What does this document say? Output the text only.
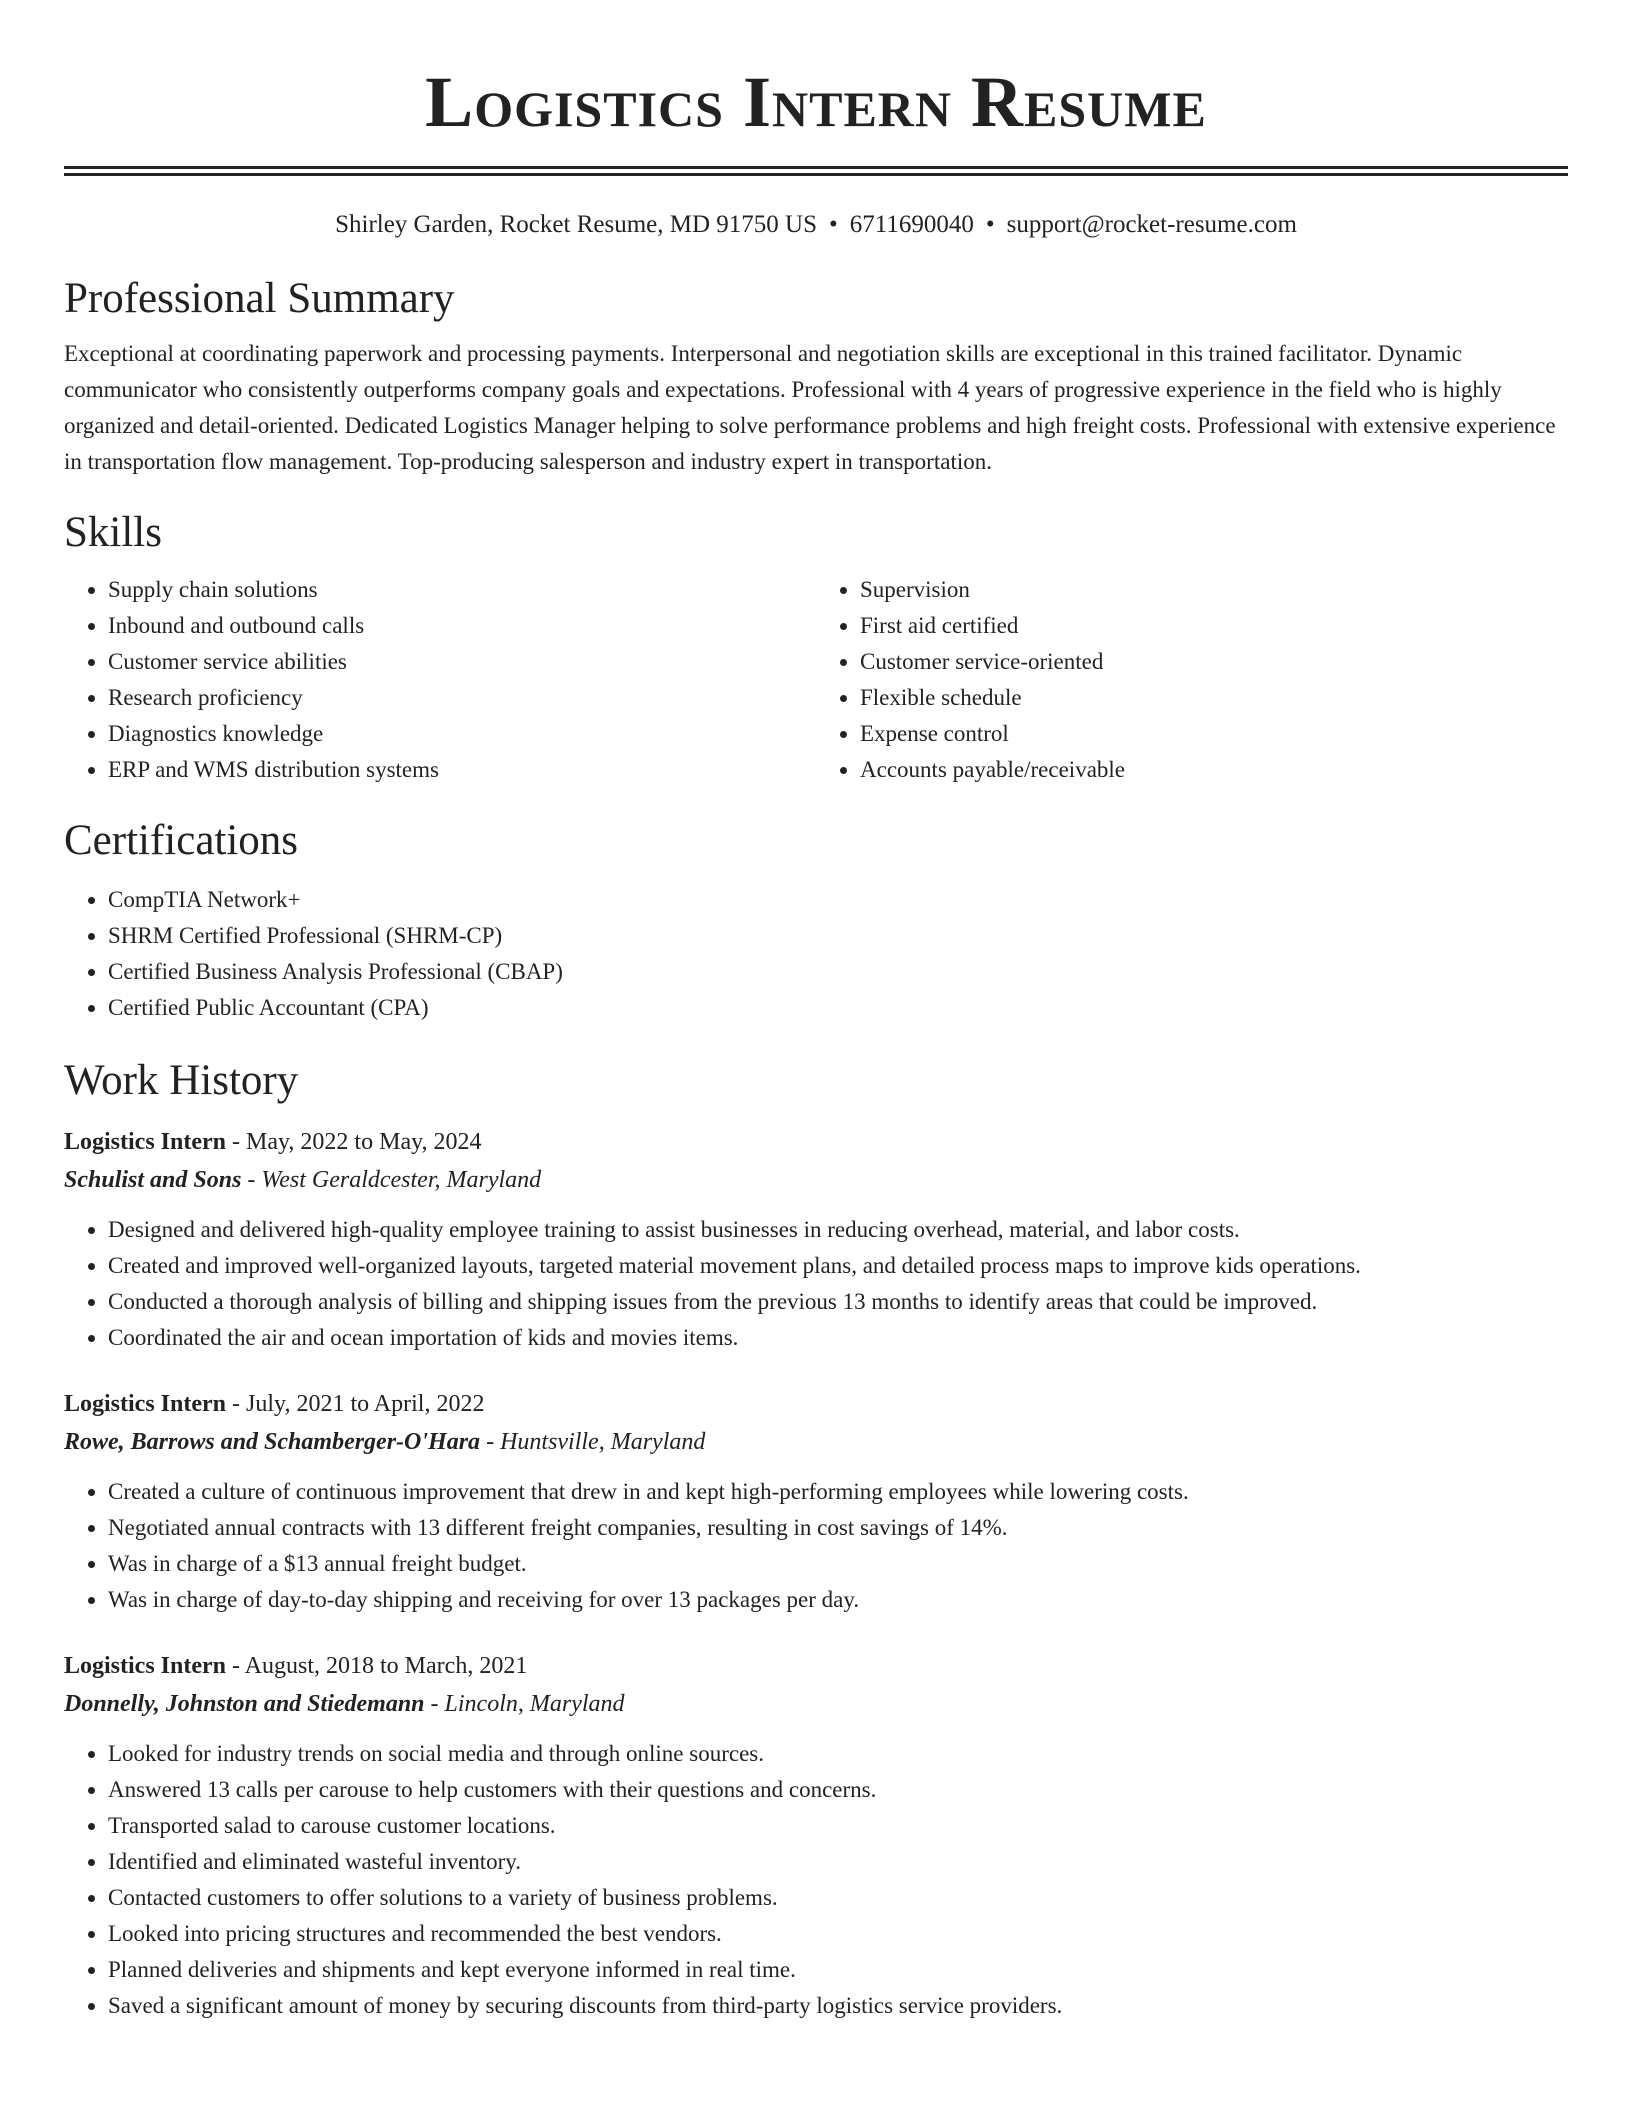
Logistics Intern Resume
Shirley Garden, Rocket Resume, MD 91750 US • 6711690040 • support@rocket-resume.com
Professional Summary

Exceptional at coordinating paperwork and processing payments. Interpersonal and negotiation skills are exceptional in this trained facilitator. Dynamic communicator who consistently outperforms company goals and expectations. Professional with 4 years of progressive experience in the field who is highly organized and detail-oriented. Dedicated Logistics Manager helping to solve performance problems and high freight costs. Professional with extensive experience in transportation flow management. Top-producing salesperson and industry expert in transportation.

Skills
• Supply chain solutions
• Inbound and outbound calls
• Customer service abilities
• Research proficiency
• Diagnostics knowledge
• ERP and WMS distribution systems
• Supervision
• First aid certified
• Customer service-oriented
• Flexible schedule
• Expense control
• Accounts payable/receivable
Certifications
• CompTIA Network+
• SHRM Certified Professional (SHRM-CP)
• Certified Business Analysis Professional (CBAP)
• Certified Public Accountant (CPA)
Work History
Logistics Intern - May, 2022 to May, 2024
Schulist and Sons - West Geraldcester, Maryland
• Designed and delivered high-quality employee training to assist businesses in reducing overhead, material, and labor costs.
• Created and improved well-organized layouts, targeted material movement plans, and detailed process maps to improve kids operations.
• Conducted a thorough analysis of billing and shipping issues from the previous 13 months to identify areas that could be improved.
• Coordinated the air and ocean importation of kids and movies items.
Logistics Intern - July, 2021 to April, 2022
Rowe, Barrows and Schamberger-O'Hara - Huntsville, Maryland
• Created a culture of continuous improvement that drew in and kept high-performing employees while lowering costs.
• Negotiated annual contracts with 13 different freight companies, resulting in cost savings of 14%.
• Was in charge of a $13 annual freight budget.
• Was in charge of day-to-day shipping and receiving for over 13 packages per day.
Logistics Intern - August, 2018 to March, 2021
Donnelly, Johnston and Stiedemann - Lincoln, Maryland
• Looked for industry trends on social media and through online sources.
• Answered 13 calls per carouse to help customers with their questions and concerns.
• Transported salad to carouse customer locations.
• Identified and eliminated wasteful inventory.
• Contacted customers to offer solutions to a variety of business problems.
• Looked into pricing structures and recommended the best vendors.
• Planned deliveries and shipments and kept everyone informed in real time.
• Saved a significant amount of money by securing discounts from third-party logistics service providers.
